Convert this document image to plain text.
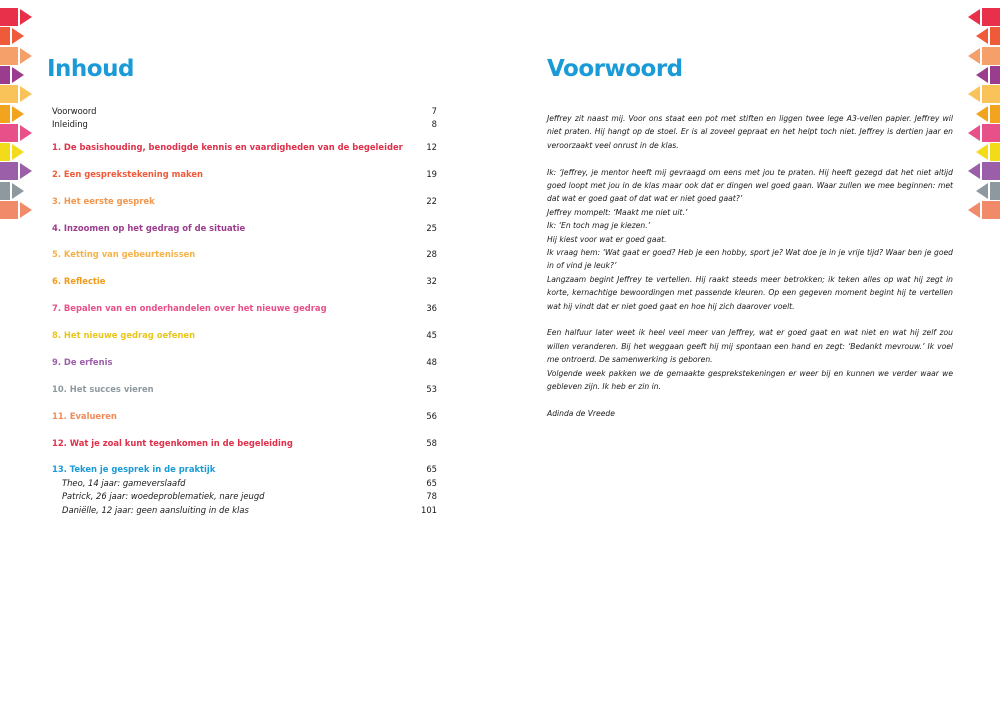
Inhoud
Voorwoord	7
Inleiding	8
1. De basishouding, benodigde kennis en vaardigheden van de begeleider	12
2. Een gesprekstekening maken	19
3. Het eerste gesprek	22
4. Inzoomen op het gedrag of de situatie	25
5. Ketting van gebeurtenissen	28
6. Reflectie	32
7. Bepalen van en onderhandelen over het nieuwe gedrag	36
8. Het nieuwe gedrag oefenen	45
9. De erfenis	48
10. Het succes vieren	53
11. Evalueren	56
12. Wat je zoal kunt tegenkomen in de begeleiding	58
13. Teken je gesprek in de praktijk	65
Theo, 14 jaar: gameverslaafd	65
Patrick, 26 jaar: woedeproblematiek, nare jeugd	78
Daniëlle, 12 jaar: geen aansluiting in de klas	101
Voorwoord

Jeffrey zit naast mij. Voor ons staat een pot met stiften en liggen twee lege A3-vellen papier. Jeffrey wil niet praten. Hij hangt op de stoel. Er is al zoveel gepraat en het helpt toch niet. Jeffrey is dertien jaar en veroorzaakt veel onrust in de klas.

Ik: ‘Jeffrey, je mentor heeft mij gevraagd om eens met jou te praten. Hij heeft gezegd dat het niet altijd goed loopt met jou in de klas maar ook dat er dingen wel goed gaan. Waar zullen we mee beginnen: met dat wat er goed gaat of dat wat er niet goed gaat?’

Jeffrey mompelt: ‘Maakt me niet uit.’

Ik: ‘En toch mag je kiezen.’

Hij kiest voor wat er goed gaat.

Ik vraag hem: ‘Wat gaat er goed? Heb je een hobby, sport je? Wat doe je in je vrije tijd? Waar ben je goed in of vind je leuk?’

Langzaam begint Jeffrey te vertellen. Hij raakt steeds meer betrokken; ik teken alles op wat hij zegt in korte, kernachtige bewoordingen met passende kleuren. Op een gegeven moment begint hij te vertellen wat hij vindt dat er niet goed gaat en hoe hij zich daarover voelt.

Een halfuur later weet ik heel veel meer van Jeffrey, wat er goed gaat en wat niet en wat hij zelf zou willen veranderen. Bij het weggaan geeft hij mij spontaan een hand en zegt: ‘Bedankt mevrouw.’ Ik voel me ontroerd. De samenwerking is geboren.

Volgende week pakken we de gemaakte gesprekstekeningen er weer bij en kunnen we verder waar we gebleven zijn. Ik heb er zin in.

Adinda de Vreede
